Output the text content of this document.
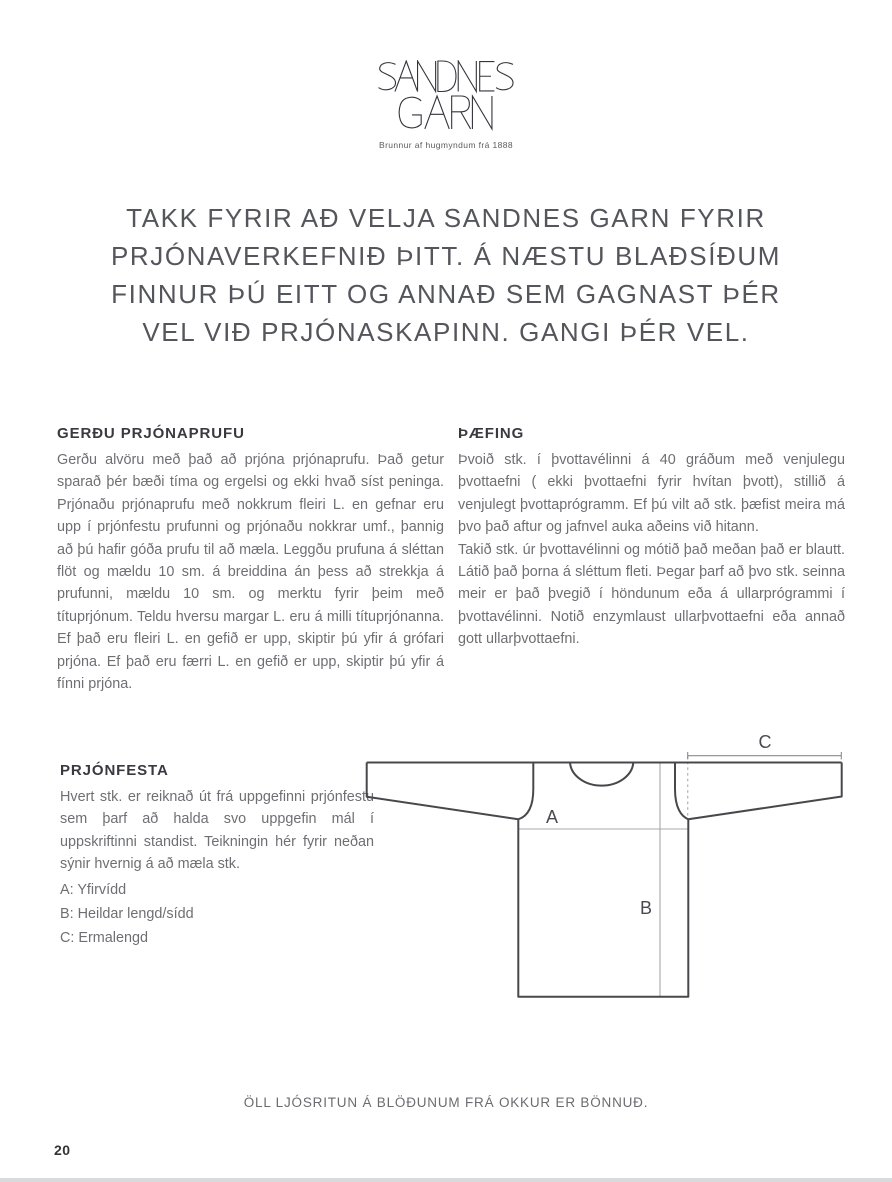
Brunnur af hugmyndum frá 1888
TAKK FYRIR AÐ VELJA SANDNES GARN FYRIR
PRJÓNAVERKEFNIÐ ÞITT. Á NÆSTU BLAÐSÍÐUM
FINNUR ÞÚ EITT OG ANNAÐ SEM GAGNAST ÞÉR
VEL VIÐ PRJÓNASKAPINN. GANGI ÞÉR VEL.
GERÐU PRJÓNAPRUFU

Gerðu alvöru með það að prjóna prjónaprufu. Það getur sparað þér bæði tíma og ergelsi og ekki hvað síst peninga. Prjónaðu prjónaprufu með nokkrum fleiri L. en gefnar eru upp í prjónfestu prufunni og prjónaðu nokkrar umf., þannig að þú hafir góða prufu til að mæla. Leggðu prufuna á sléttan flöt og mældu 10 sm. á breiddina án þess að strekkja á prufunni, mældu 10 sm. og merktu fyrir þeim með títuprjónum. Teldu hversu margar L. eru á milli títuprjónanna. Ef það eru fleiri L. en gefið er upp, skiptir þú yfir á grófari prjóna. Ef það eru færri L. en gefið er upp, skiptir þú yfir á fínni prjóna.

ÞÆFING

Þvoið stk. í þvottavélinni á 40 gráðum með venjulegu þvottaefni ( ekki þvottaefni fyrir hvítan þvott), stillið á venjulegt þvottaprógramm. Ef þú vilt að stk. þæfist meira má þvo það aftur og jafnvel auka aðeins við hitann.

Takið stk. úr þvottavélinni og mótið það meðan það er blautt. Látið það þorna á sléttum fleti. Þegar þarf að þvo stk. seinna meir er það þvegið í höndunum eða á ullarprógrammi í þvottavélinni. Notið enzymlaust ullarþvottaefni eða annað gott ullarþvottaefni.

PRJÓNFESTA

Hvert stk. er reiknað út frá uppgefinni prjónfestu sem þarf að halda svo uppgefin mál í uppskriftinni standist. Teikningin hér fyrir neðan sýnir hvernig á að mæla stk.

A: Yfirvídd
B: Heildar lengd/sídd
C: Ermalengd
A
B
C
ÖLL LJÓSRITUN Á BLÖÐUNUM FRÁ OKKUR ER BÖNNUÐ.
20
